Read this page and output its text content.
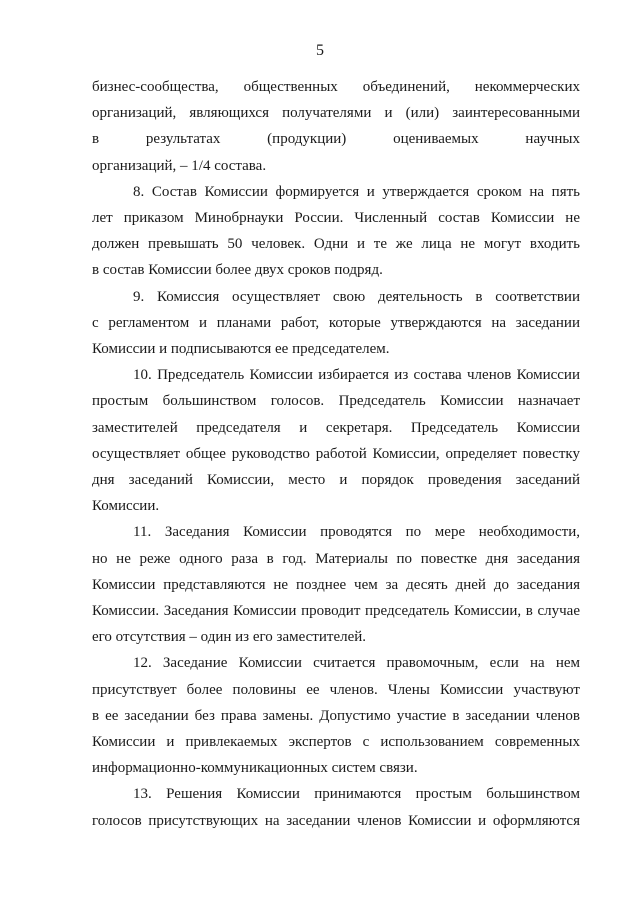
5
бизнес-сообщества, общественных объединений, некоммерческих
организаций, являющихся получателями и (или) заинтересованными
в результатах (продукции) оцениваемых научных
организаций, – 1/4 состава.
8. Состав Комиссии формируется и утверждается сроком на пять
лет приказом Минобрнауки России. Численный состав Комиссии не
должен превышать 50 человек. Одни и те же лица не могут входить
в состав Комиссии более двух сроков подряд.
9. Комиссия осуществляет свою деятельность в соответствии
с регламентом и планами работ, которые утверждаются на заседании
Комиссии и подписываются ее председателем.
10. Председатель Комиссии избирается из состава членов Комиссии
простым большинством голосов. Председатель Комиссии назначает
заместителей председателя и секретаря. Председатель Комиссии
осуществляет общее руководство работой Комиссии, определяет повестку
дня заседаний Комиссии, место и порядок проведения заседаний
Комиссии.
11. Заседания Комиссии проводятся по мере необходимости,
но не реже одного раза в год. Материалы по повестке дня заседания
Комиссии представляются не позднее чем за десять дней до заседания
Комиссии. Заседания Комиссии проводит председатель Комиссии, в случае
его отсутствия – один из его заместителей.
12. Заседание Комиссии считается правомочным, если на нем
присутствует более половины ее членов. Члены Комиссии участвуют
в ее заседании без права замены. Допустимо участие в заседании членов
Комиссии и привлекаемых экспертов с использованием современных
информационно-коммуникационных систем связи.
13. Решения Комиссии принимаются простым большинством
голосов присутствующих на заседании членов Комиссии и оформляются
